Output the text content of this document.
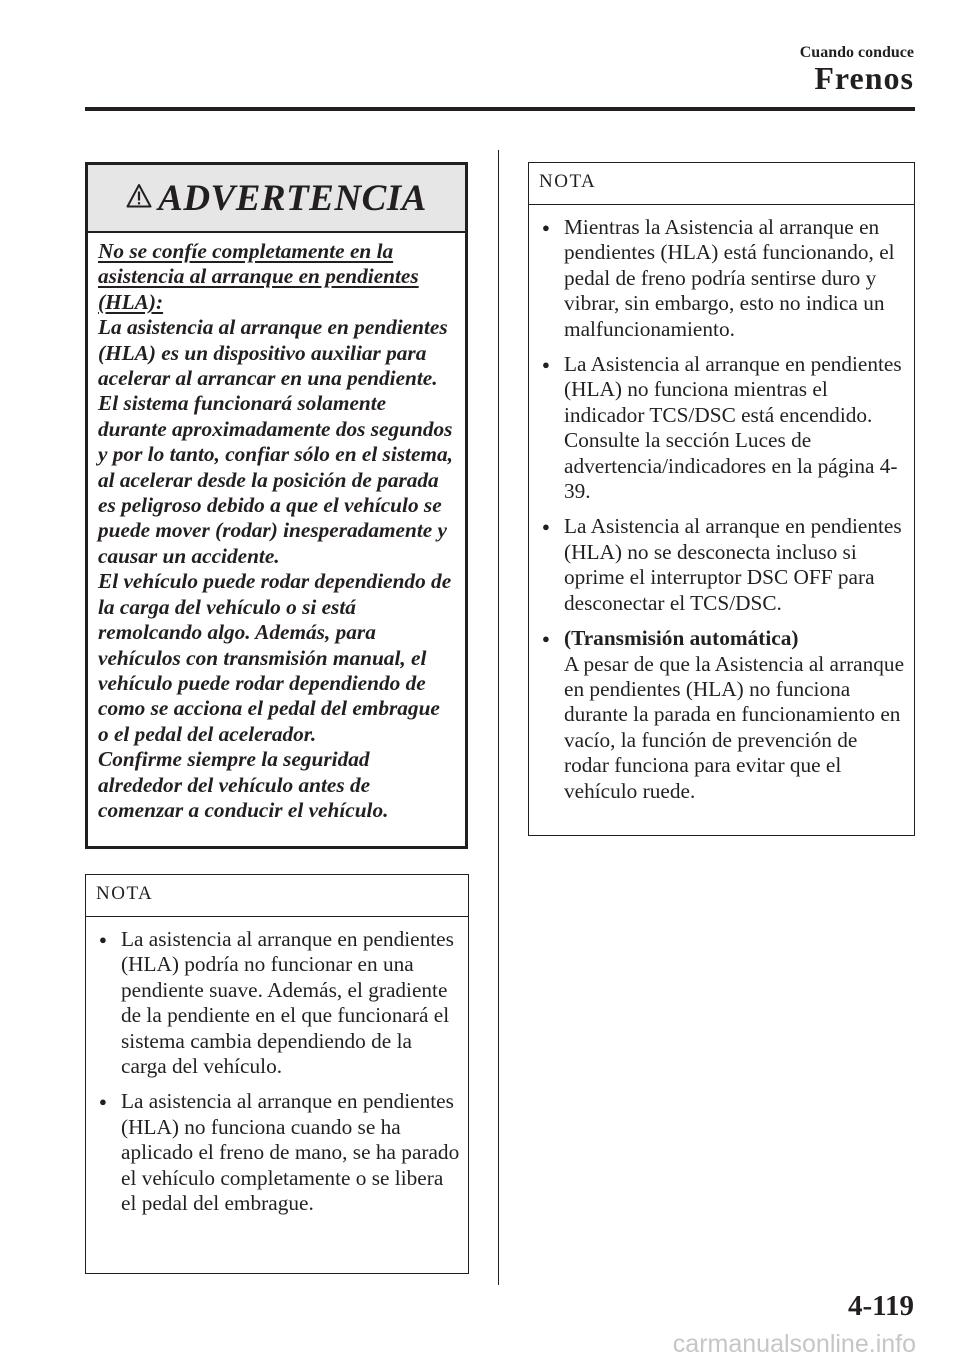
Cuando conduce
Frenos
ADVERTENCIA

No se confíe completamente en la asistencia al arranque en pendientes (HLA):

La asistencia al arranque en pendientes (HLA) es un dispositivo auxiliar para acelerar al arrancar en una pendiente. El sistema funcionará solamente durante aproximadamente dos segundos y por lo tanto, confiar sólo en el sistema, al acelerar desde la posición de parada es peligroso debido a que el vehículo se puede mover (rodar) inesperadamente y causar un accidente.

El vehículo puede rodar dependiendo de la carga del vehículo o si está remolcando algo. Además, para vehículos con transmisión manual, el vehículo puede rodar dependiendo de como se acciona el pedal del embrague o el pedal del acelerador.

Confirme siempre la seguridad alrededor del vehículo antes de comenzar a conducir el vehículo.

NOTA
● La asistencia al arranque en pendientes (HLA) podría no funcionar en una pendiente suave. Además, el gradiente de la pendiente en el que funcionará el sistema cambia dependiendo de la carga del vehículo.
● La asistencia al arranque en pendientes (HLA) no funciona cuando se ha aplicado el freno de mano, se ha parado el vehículo completamente o se libera el pedal del embrague.
NOTA
● Mientras la Asistencia al arranque en pendientes (HLA) está funcionando, el pedal de freno podría sentirse duro y vibrar, sin embargo, esto no indica un malfuncionamiento.
● La Asistencia al arranque en pendientes (HLA) no funciona mientras el indicador TCS/DSC está encendido.
Consulte la sección Luces de advertencia/indicadores en la página 4-39.
● La Asistencia al arranque en pendientes (HLA) no se desconecta incluso si oprime el interruptor DSC OFF para desconectar el TCS/DSC.
● (Transmisión automática)
A pesar de que la Asistencia al arranque en pendientes (HLA) no funciona durante la parada en funcionamiento en vacío, la función de prevención de rodar funciona para evitar que el vehículo ruede.
4-119
carmanualsonline.info
